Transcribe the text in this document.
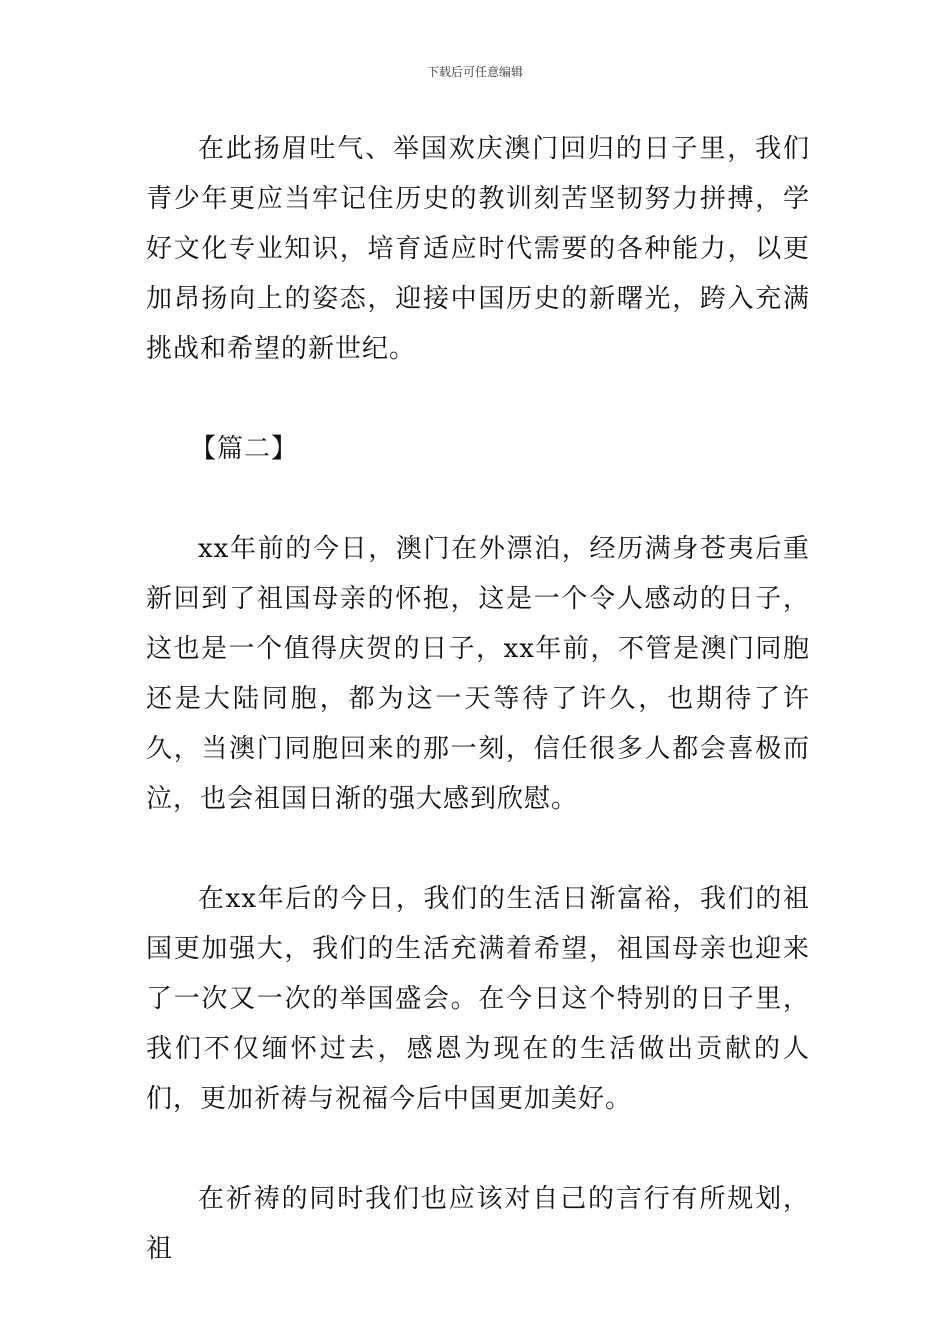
下载后可任意编辑

在此扬眉吐气、举国欢庆澳门回归的日子里，我们青少年更应当牢记住历史的教训刻苦坚韧努力拼搏，学好文化专业知识，培育适应时代需要的各种能力，以更加昂扬向上的姿态，迎接中国历史的新曙光，跨入充满挑战和希望的新世纪。

【篇二】

xx年前的今日，澳门在外漂泊，经历满身苍夷后重新回到了祖国母亲的怀抱，这是一个令人感动的日子，这也是一个值得庆贺的日子，xx年前，不管是澳门同胞还是大陆同胞，都为这一天等待了许久，也期待了许久，当澳门同胞回来的那一刻，信任很多人都会喜极而泣，也会祖国日渐的强大感到欣慰。

在xx年后的今日，我们的生活日渐富裕，我们的祖国更加强大，我们的生活充满着希望，祖国母亲也迎来了一次又一次的举国盛会。在今日这个特别的日子里，我们不仅缅怀过去，感恩为现在的生活做出贡献的人们，更加祈祷与祝福今后中国更加美好。

在祈祷的同时我们也应该对自己的言行有所规划，祖
